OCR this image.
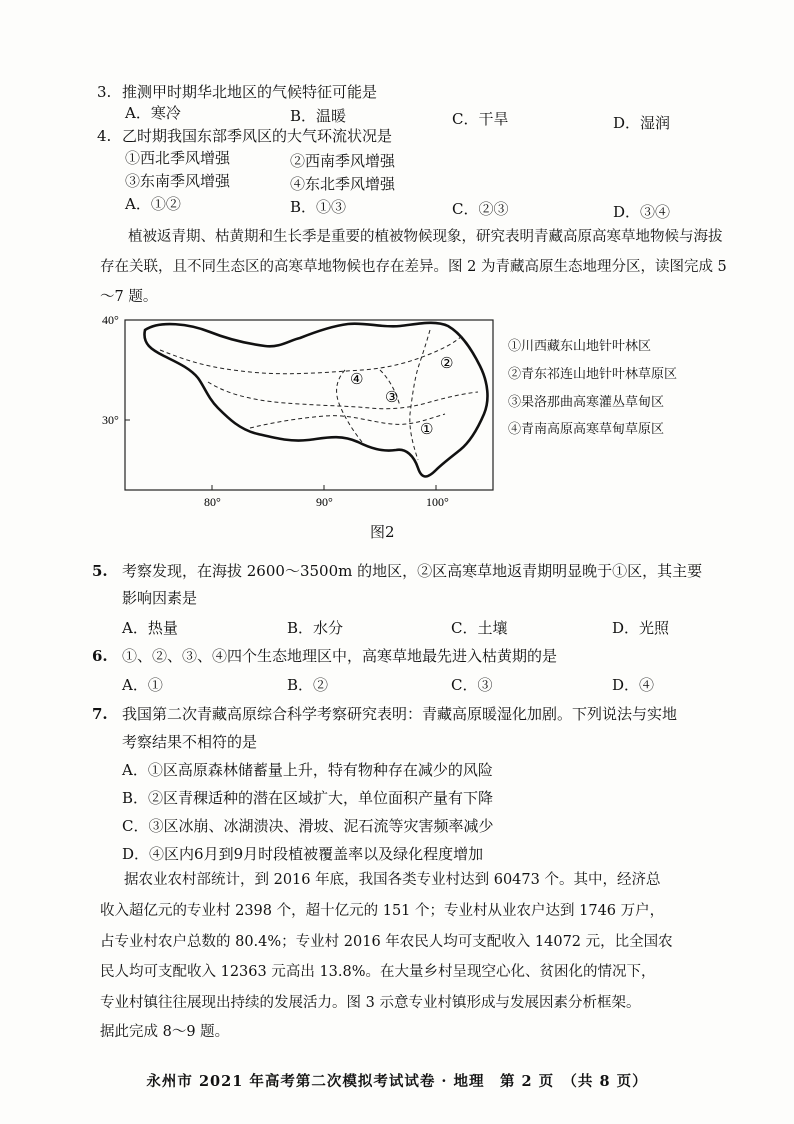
3. 推测甲时期华北地区的气候特征可能是
A．寒冷	B．温暖	C．干旱	D．湿润
4. 乙时期我国东部季风区的大气环流状况是
①西北季风增强	②西南季风增强
③东南季风增强	④东北季风增强
A．①②	B．①③	C．②③	D．③④
植被返青期、枯黄期和生长季是重要的植被物候现象，研究表明青藏高原高寒草地物候与海拔存在关联，且不同生态区的高寒草地物候也存在差异。图 2 为青藏高原生态地理分区，读图完成 5～7 题。
40°
30°
80°	90°	100°
②
④
③
①
①川西藏东山地针叶林区
②青东祁连山地针叶林草原区
③果洛那曲高寒灌丛草甸区
④青南高原高寒草甸草原区
图2
5. 考察发现，在海拔 2600～3500m 的地区，②区高寒草地返青期明显晚于①区，其主要
影响因素是
A．热量	B．水分	C．土壤	D．光照
6. ①、②、③、④四个生态地理区中，高寒草地最先进入枯黄期的是
A．①	B．②	C．③	D．④
7. 我国第二次青藏高原综合科学考察研究表明：青藏高原暖湿化加剧。下列说法与实地
考察结果不相符的是
A．①区高原森林储蓄量上升，特有物种存在减少的风险
B．②区青稞适种的潜在区域扩大，单位面积产量有下降
C．③区冰崩、冰湖溃决、滑坡、泥石流等灾害频率减少
D．④区内6月到9月时段植被覆盖率以及绿化程度增加
据农业农村部统计，到 2016 年底，我国各类专业村达到 60473 个。其中，经济总
收入超亿元的专业村 2398 个，超十亿元的 151 个；专业村从业农户达到 1746 万户，
占专业村农户总数的 80.4%；专业村 2016 年农民人均可支配收入 14072 元，比全国农
民人均可支配收入 12363 元高出 13.8%。在大量乡村呈现空心化、贫困化的情况下，
专业村镇往往展现出持续的发展活力。图 3 示意专业村镇形成与发展因素分析框架。
据此完成 8～9 题。
永州市 2021 年高考第二次模拟考试试卷 · 地理　第 2 页　（共 8 页）
